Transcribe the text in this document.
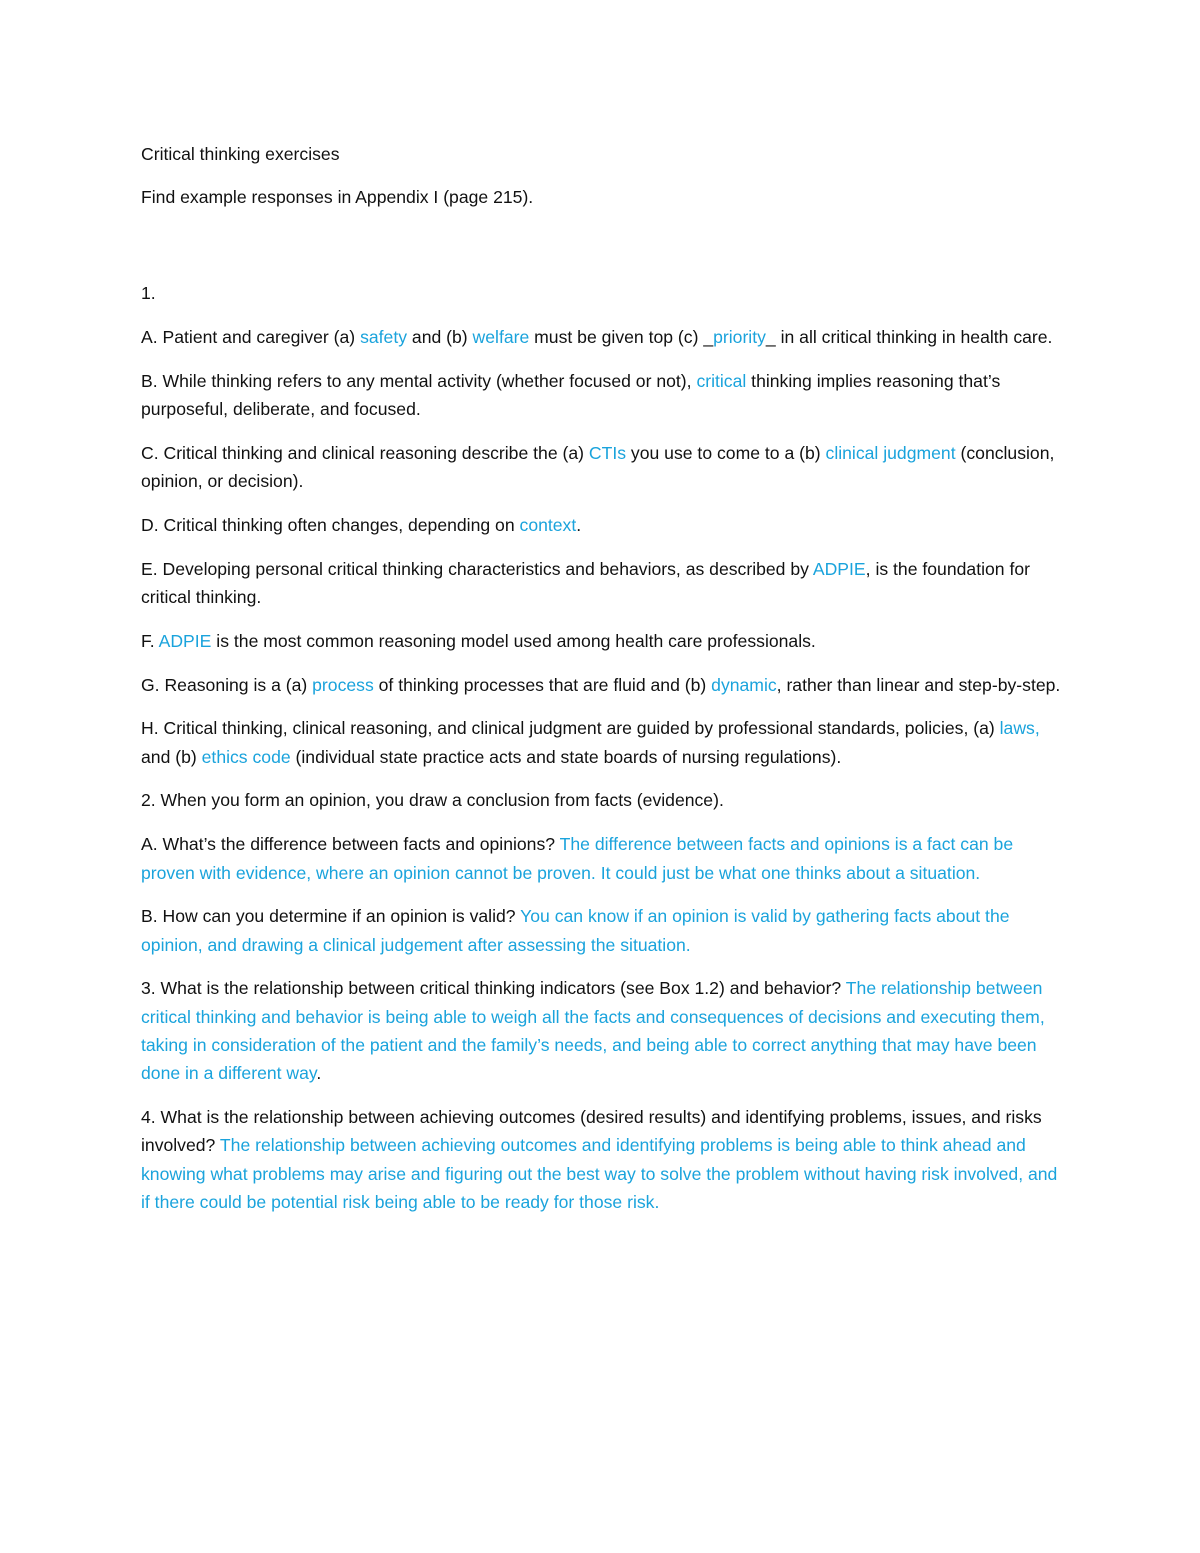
Critical thinking exercises

Find example responses in Appendix I (page 215).

1.

A. Patient and caregiver (a) safety and (b) welfare must be given top (c) _priority_ in all critical thinking in health care.

B. While thinking refers to any mental activity (whether focused or not), critical thinking implies reasoning that’s purposeful, deliberate, and focused.

C. Critical thinking and clinical reasoning describe the (a) CTIs you use to come to a (b) clinical judgment (conclusion, opinion, or decision).

D. Critical thinking often changes, depending on context.

E. Developing personal critical thinking characteristics and behaviors, as described by ADPIE, is the foundation for critical thinking.

F. ADPIE is the most common reasoning model used among health care professionals.

G. Reasoning is a (a) process of thinking processes that are fluid and (b) dynamic, rather than linear and step-by-step.

H. Critical thinking, clinical reasoning, and clinical judgment are guided by professional standards, policies, (a) laws, and (b) ethics code (individual state practice acts and state boards of nursing regulations).

2. When you form an opinion, you draw a conclusion from facts (evidence).

A. What’s the difference between facts and opinions? The difference between facts and opinions is a fact can be proven with evidence, where an opinion cannot be proven. It could just be what one thinks about a situation.

B. How can you determine if an opinion is valid? You can know if an opinion is valid by gathering facts about the opinion, and drawing a clinical judgement after assessing the situation.

3. What is the relationship between critical thinking indicators (see Box 1.2) and behavior? The relationship between critical thinking and behavior is being able to weigh all the facts and consequences of decisions and executing them, taking in consideration of the patient and the family’s needs, and being able to correct anything that may have been done in a different way.

4. What is the relationship between achieving outcomes (desired results) and identifying problems, issues, and risks involved? The relationship between achieving outcomes and identifying problems is being able to think ahead and knowing what problems may arise and figuring out the best way to solve the problem without having risk involved, and if there could be potential risk being able to be ready for those risk.
